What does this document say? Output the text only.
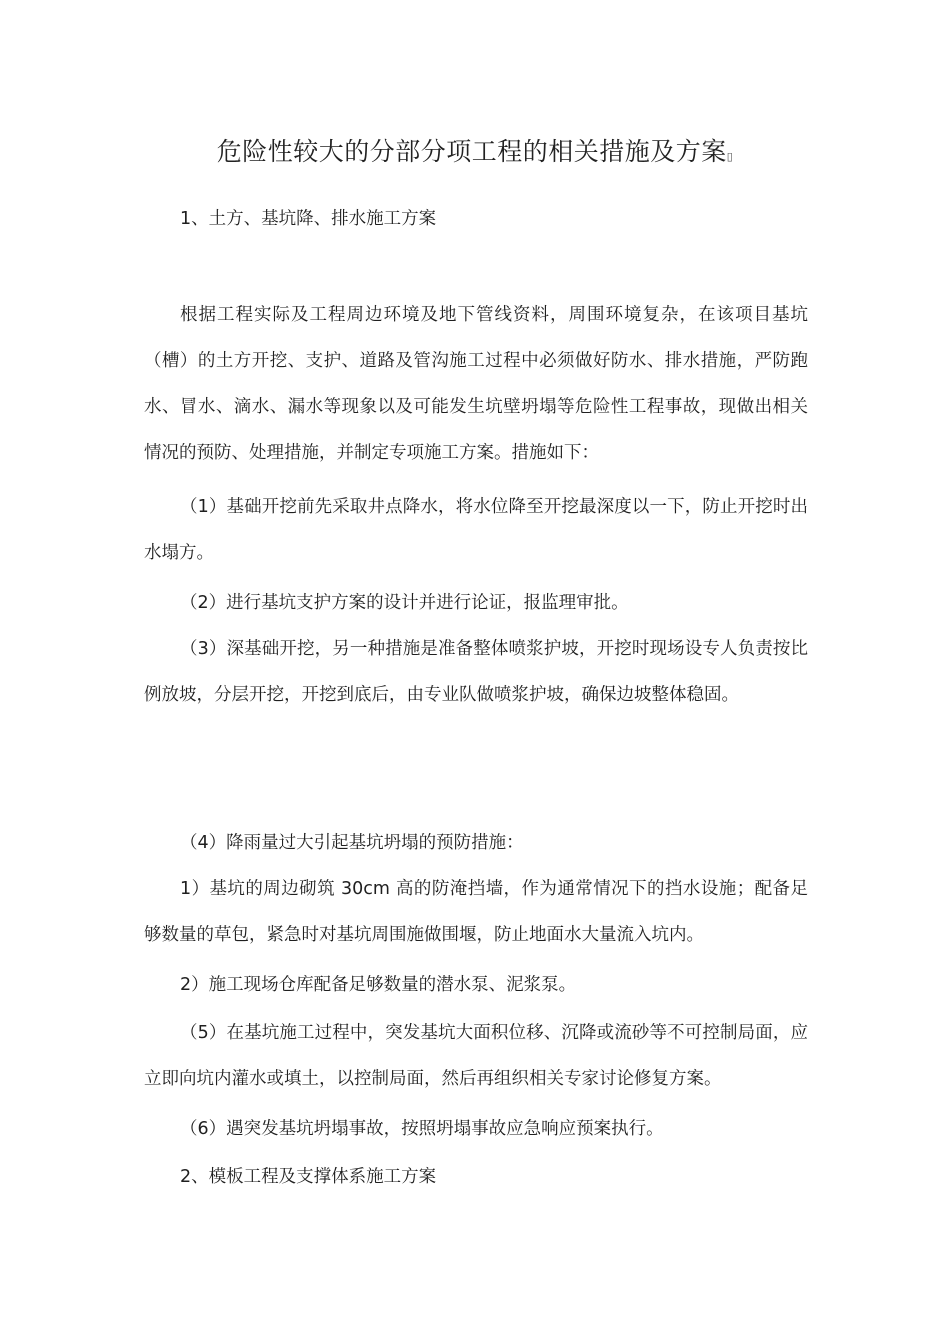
危险性较大的分部分项工程的相关措施及方案▯
1、土方、基坑降、排水施工方案
根据工程实际及工程周边环境及地下管线资料，周围环境复杂，在该项目基坑（槽）的土方开挖、支护、道路及管沟施工过程中必须做好防水、排水措施，严防跑水、冒水、滴水、漏水等现象以及可能发生坑壁坍塌等危险性工程事故，现做出相关情况的预防、处理措施，并制定专项施工方案。措施如下：
（1）基础开挖前先采取井点降水，将水位降至开挖最深度以一下，防止开挖时出水塌方。
（2）进行基坑支护方案的设计并进行论证，报监理审批。
（3）深基础开挖，另一种措施是准备整体喷浆护坡，开挖时现场设专人负责按比例放坡，分层开挖，开挖到底后，由专业队做喷浆护坡，确保边坡整体稳固。
（4）降雨量过大引起基坑坍塌的预防措施：
1）基坑的周边砌筑 30cm 高的防淹挡墙，作为通常情况下的挡水设施；配备足够数量的草包，紧急时对基坑周围施做围堰，防止地面水大量流入坑内。
2）施工现场仓库配备足够数量的潜水泵、泥浆泵。
（5）在基坑施工过程中，突发基坑大面积位移、沉降或流砂等不可控制局面，应立即向坑内灌水或填土，以控制局面，然后再组织相关专家讨论修复方案。
（6）遇突发基坑坍塌事故，按照坍塌事故应急响应预案执行。
2、模板工程及支撑体系施工方案
